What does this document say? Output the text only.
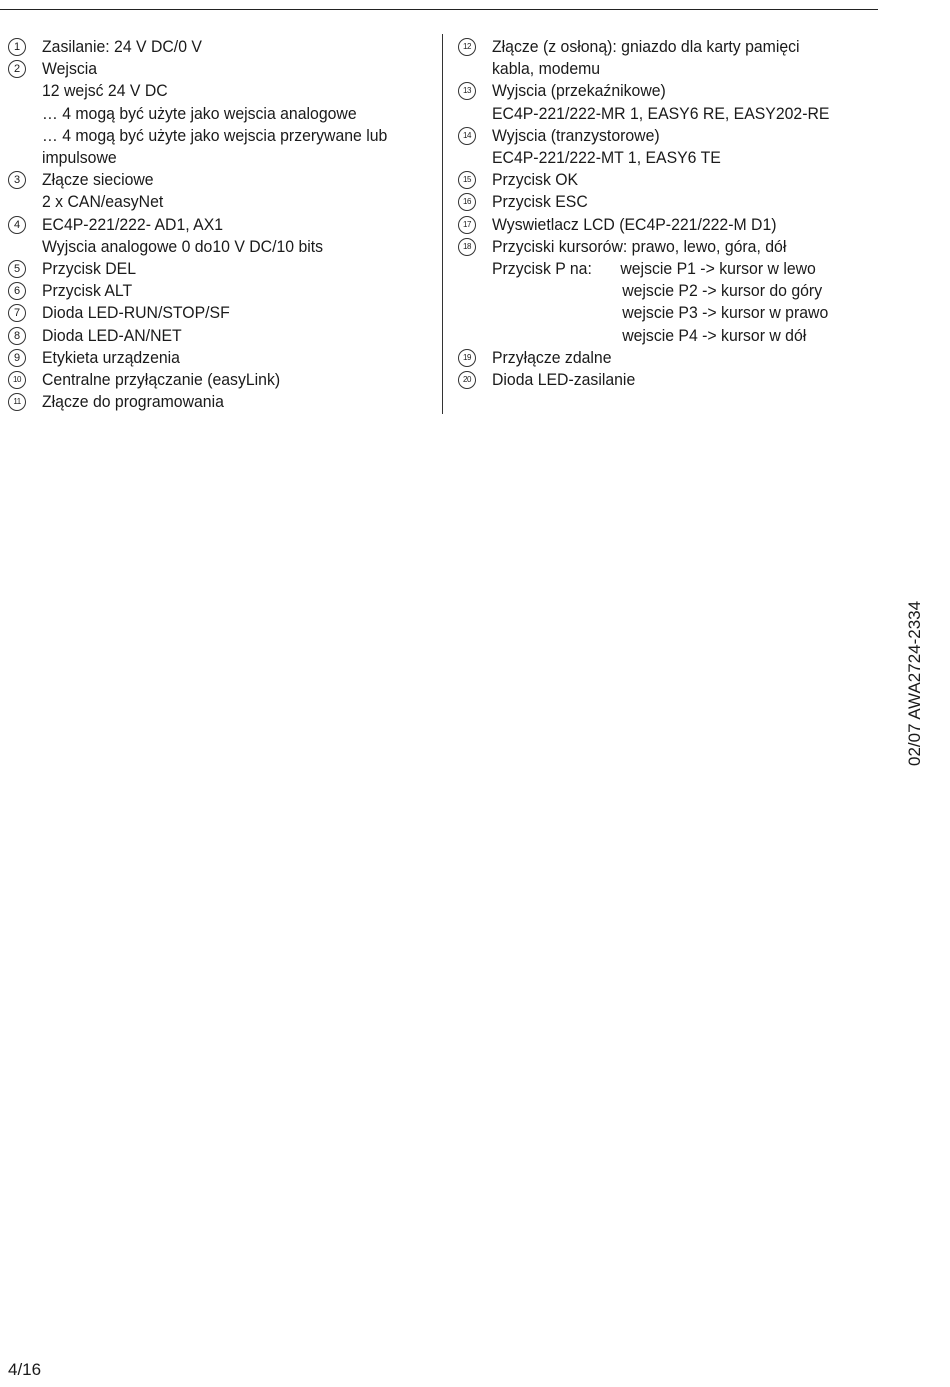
1	Zasilanie: 24 V DC/0 V
2	Wejscia
12 wejsć 24 V DC
… 4 mogą być użyte jako wejscia analogowe
… 4 mogą być użyte jako wejscia przerywane lub
impulsowe
3	Złącze sieciowe
2 x CAN/easyNet
4	EC4P-221/222- AD1, AX1
Wyjscia analogowe 0 do10 V DC/10 bits
5	Przycisk DEL
6	Przycisk ALT
7	Dioda LED-RUN/STOP/SF
8	Dioda LED-AN/NET
9	Etykieta urządzenia
10 Centralne przyłączanie (easyLink)
11	Złącze do programowania
12 Złącze (z osłoną): gniazdo dla karty pamięci
kabla, modemu
13 Wyjscia (przekaźnikowe)
EC4P-221/222-MR 1, EASY6 RE, EASY202-RE
14 Wyjscia (tranzystorowe)
EC4P-221/222-MT 1, EASY6 TE
15 Przycisk OK
16 Przycisk ESC
17 Wyswietlacz LCD (EC4P-221/222-M D1)
18 Przyciski kursorów: prawo, lewo, góra, dół
Przycisk P na:	wejscie P1 -> kursor w lewo
wejscie P2 -> kursor do góry
wejscie P3 -> kursor w prawo
wejscie P4 -> kursor w dół
19 Przyłącze zdalne
20 Dioda LED-zasilanie
02/07 AWA2724-2334
4/16
